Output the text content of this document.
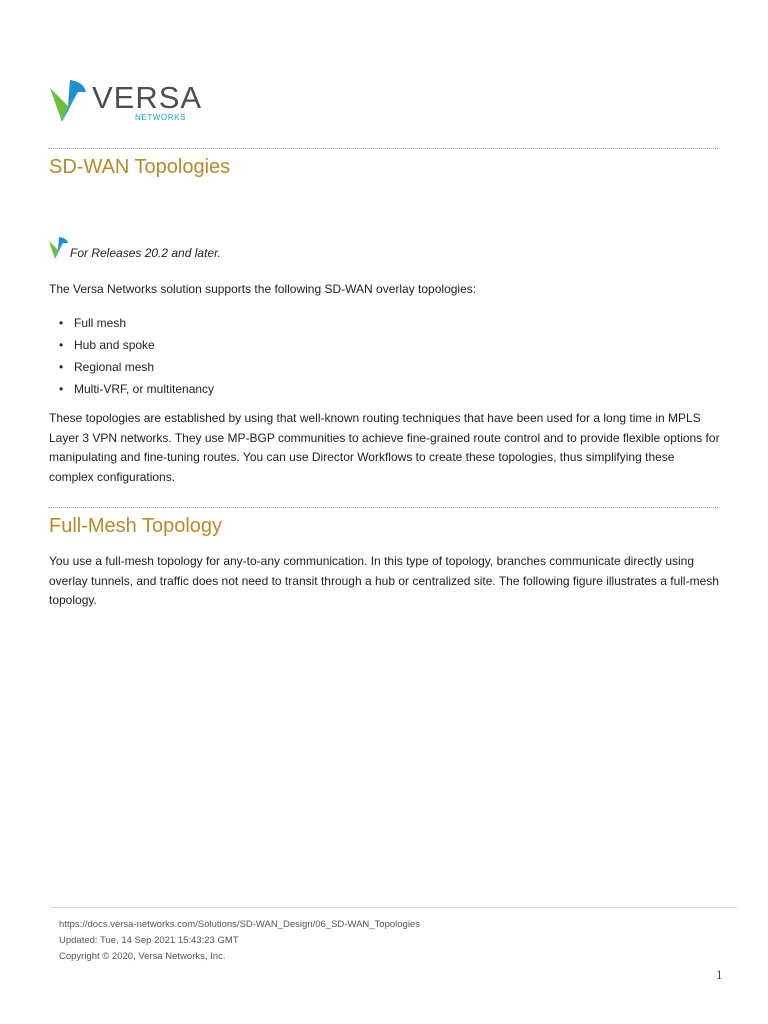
VERSA
NETWORKS
SD-WAN Topologies
For Releases 20.2 and later.

The Versa Networks solution supports the following SD-WAN overlay topologies:

• Full mesh
• Hub and spoke
• Regional mesh
• Multi-VRF, or multitenancy

These topologies are established by using that well-known routing techniques that have been used for a long time in MPLS Layer 3 VPN networks. They use MP-BGP communities to achieve fine-grained route control and to provide flexible options for manipulating and fine-tuning routes. You can use Director Workflows to create these topologies, thus simplifying these complex configurations.

Full-Mesh Topology

You use a full-mesh topology for any-to-any communication. In this type of topology, branches communicate directly using overlay tunnels, and traffic does not need to transit through a hub or centralized site. The following figure illustrates a full-mesh topology.

https://docs.versa-networks.com/Solutions/SD-WAN_Design/06_SD-WAN_Topologies
Updated: Tue, 14 Sep 2021 15:43:23 GMT
Copyright © 2020, Versa Networks, Inc.
1
